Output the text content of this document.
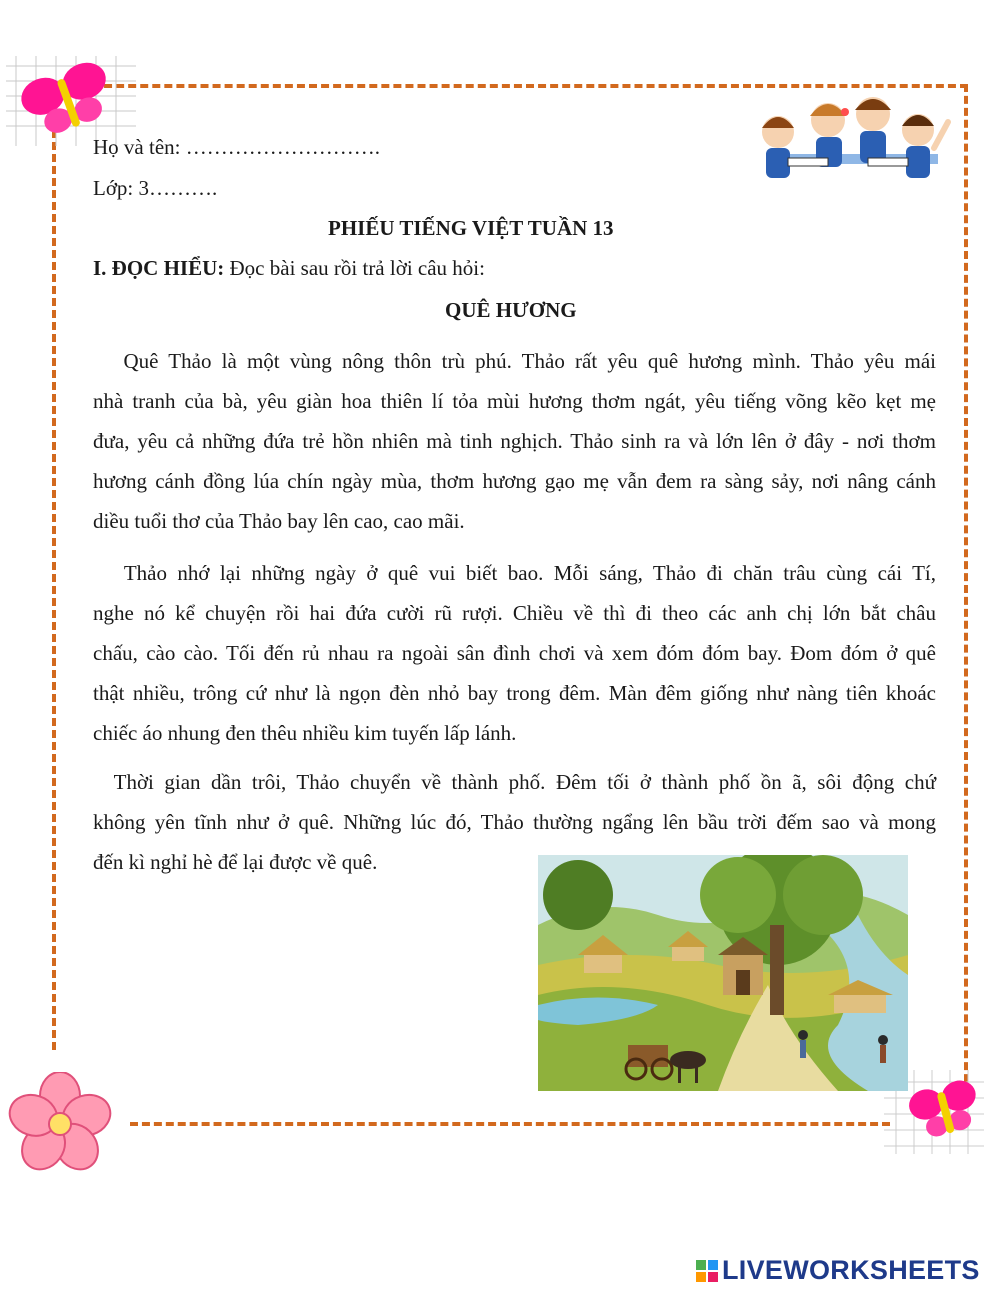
Họ và tên: ……………………….
Lớp: 3……….
PHIẾU TIẾNG VIỆT TUẦN 13
I. ĐỌC HIỂU: Đọc bài sau rồi trả lời câu hỏi:
QUÊ HƯƠNG
Quê Thảo là một vùng nông thôn trù phú. Thảo rất yêu quê hương mình. Thảo yêu mái
nhà tranh của bà, yêu giàn hoa thiên lí tỏa mùi hương thơm ngát, yêu tiếng võng kẽo kẹt mẹ
đưa, yêu cả những đứa trẻ hồn nhiên mà tinh nghịch. Thảo sinh ra và lớn lên ở đây - nơi thơm
hương cánh đồng lúa chín ngày mùa, thơm hương gạo mẹ vẫn đem ra sàng sảy, nơi nâng cánh
diều tuổi thơ của Thảo bay lên cao, cao mãi.
Thảo nhớ lại những ngày ở quê vui biết bao. Mỗi sáng, Thảo đi chăn trâu cùng cái Tí,
nghe nó kể chuyện rồi hai đứa cười rũ rượi. Chiều về thì đi theo các anh chị lớn bắt châu
chấu, cào cào. Tối đến rủ nhau ra ngoài sân đình chơi và xem đóm đóm bay. Đom đóm ở quê
thật nhiều, trông cứ như là ngọn đèn nhỏ bay trong đêm. Màn đêm giống như nàng tiên khoác
chiếc áo nhung đen thêu nhiều kim tuyến lấp lánh.
Thời gian dần trôi, Thảo chuyển về thành phố. Đêm tối ở thành phố ồn ã, sôi động chứ
không yên tĩnh như ở quê. Những lúc đó, Thảo thường ngẩng lên bầu trời đếm sao và mong
đến kì nghỉ hè để lại được về quê.
LIVEWORKSHEETS
